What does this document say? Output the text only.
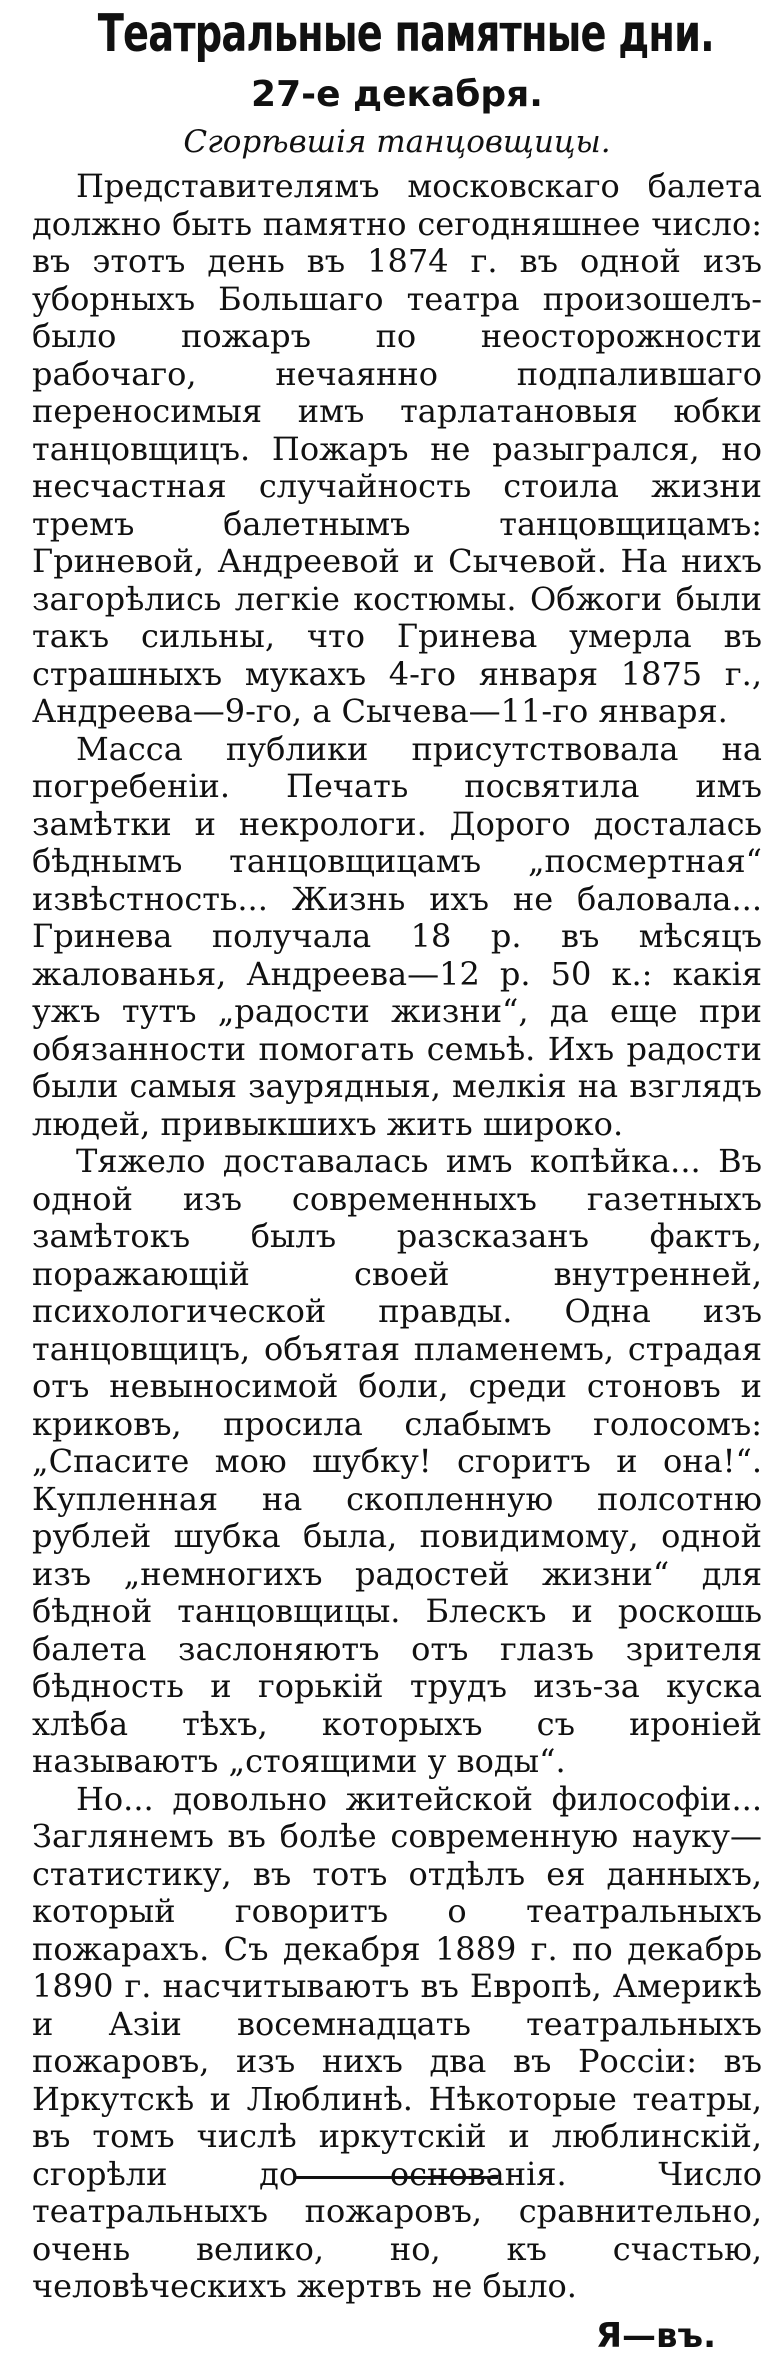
Театральные памятные дни.
27-е декабря.
Сгорѣвшія танцовщицы.

Представителямъ московскаго балета должно быть памятно сегодняшнее число: въ этотъ день въ 1874 г. въ одной изъ уборныхъ Большаго театра произошелъ-было пожаръ по неосторожности рабочаго, нечаянно подпалившаго переносимыя имъ тарлатановыя юбки танцовщицъ. Пожаръ не разыгрался, но несчастная случайность стоила жизни тремъ балетнымъ танцовщицамъ: Гриневой, Андреевой и Сычевой. На нихъ загорѣлись легкіе костюмы. Обжоги были такъ сильны, что Гринева умерла въ страшныхъ мукахъ 4-го января 1875 г., Андреева—9-го, а Сычева—11-го января.

Масса публики присутствовала на погребеніи. Печать посвятила имъ замѣтки и некрологи. Дорого досталась бѣднымъ танцовщицамъ „посмертная“ извѣстность... Жизнь ихъ не баловала... Гринева получала 18 р. въ мѣсяцъ жалованья, Андреева—12 р. 50 к.: какія ужъ тутъ „радости жизни“, да еще при обязанности помогать семьѣ. Ихъ радости были самыя заурядныя, мелкія на взглядъ людей, привыкшихъ жить широко.

Тяжело доставалась имъ копѣйка... Въ одной изъ современныхъ газетныхъ замѣтокъ былъ разсказанъ фактъ, поражающій своей внутренней, психологической правды. Одна изъ танцовщицъ, объятая пламенемъ, страдая отъ невыносимой боли, среди стоновъ и криковъ, просила слабымъ голосомъ: „Спасите мою шубку! сгоритъ и она!“. Купленная на скопленную полсотню рублей шубка была, повидимому, одной изъ „немногихъ радостей жизни“ для бѣдной танцовщицы. Блескъ и роскошь балета заслоняютъ отъ глазъ зрителя бѣдность и горькій трудъ изъ-за куска хлѣба тѣхъ, которыхъ съ ироніей называютъ „стоящими у воды“.

Но... довольно житейской философіи... Заглянемъ въ болѣе современную науку—статистику, въ тотъ отдѣлъ ея данныхъ, который говоритъ о театральныхъ пожарахъ. Съ декабря 1889 г. по декабрь 1890 г. насчитываютъ въ Европѣ, Америкѣ и Азіи восемнадцать театральныхъ пожаровъ, изъ нихъ два въ Россіи: въ Иркутскѣ и Люблинѣ. Нѣкоторые театры, въ томъ числѣ иркутскій и люблинскій, сгорѣли до основанія. Число театральныхъ пожаровъ, сравнительно, очень велико, но, къ счастью, человѣческихъ жертвъ не было.

Я—въ.
